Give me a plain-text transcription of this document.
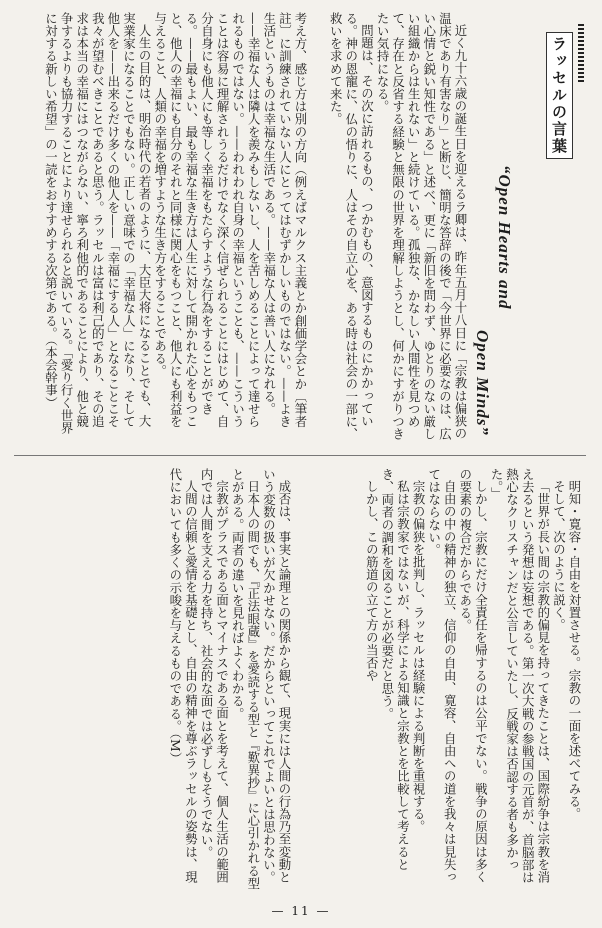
考え方、感じ方は別の方向（例えばマルクス主義とか創価学会とか〔筆者註〕に訓練されていない人にとってはむずかしいものではない。——よき生活というものは幸福な生活である。——幸福な人は善い人になれる。——幸福な人は隣人を羨みもしないし、人を苦しめることによって達せられるものではない。——われわれ自身の幸福ということも、——こういうことは容易に理解されうるだけでなく深く信ぜられることにはじめて、自分自身にも他人にも等しく幸福をもたらすような行為をすることができる。——最もよい、最も幸福な生き方は人生に対して開かれた心をもつこと、他人の幸福にも自分のそれと同様に関心をもつこと、他人にも利益を与えること、人類の幸福を増すような生き方をすることである。

人生の目的は、明治時代の若者のように、大臣大将になることでも、大実業家になることでもない。正しい意味での「幸福な人」になり、そして他人を——出来るだけ多くの他人を——「幸福にする人」となることこそ我々が望むべきことであると思う。ラッセルは富は利己的であり、その追求は本当の幸福にはつながらない、寧ろ利他的であることにより、他と競争するよりも協力することにより達せられると説いている。「愛り行く世界に対する新しい希望」の一読をおすすめする次第である。（本会幹事）	ラッセルの言葉
“Open Hearts and
Open Minds”

近く九十六歳の誕生日を迎えるラ卿は、昨年五月十八日に「宗教は偏狭の温床であり有害なり」と断じ、簡明な答辞の後で「今世界に必要なのは、広い心情と鋭い知性である」と述べ、更に「新旧を問わず、ゆとりのない厳しい組織からは生れない」と続けている。孤独な、かなしい人間性を見つめて、存在と反省する経験と無限の世界を理解しようとし、何かにすがりつきたい気持になる。

問題は、その次に訪れるもの、つかむもの、意図するものにかかっている。神の恩寵に、仏の悟りに、人はその自立心を、ある時は社会の一部に、救いを求めて来た。

成否は、事実と論理との関係から観て、現実には人間の行為乃至変動という変数の扱いが欠かせない。だからといってこれでよいとは思わない。

日本人の間でも、『正法眼蔵』を愛読する型と『歎異抄』に心引かれる型とがある。両者の違いを見ればよくわかる。

宗教がプラスである面とマイナスである面とを考えて、個人生活の範囲内では人間を支える力を持ち、社会的な面では必ずしもそうでない。

人間の信頼と愛情を基礎とし、自由の精神を尊ぶラッセルの姿勢は、現代においても多くの示唆を与えるものである。（M）	明知・寛容・自由を対置させる。宗教の一面を述べてみる。

そして、次のように説く。

「世界が長い間の宗教的偏見を持ってきたことは、国際紛争は宗教を消え去るという発想は妄想である。第一次大戦の参戦国の元首が、首脳部は熱心なクリスチャンだと公言していたし、反戦家は否認する者も多かった。」

しかし、宗教にだけ全責任を帰するのは公平でない。戦争の原因は多くの要素の複合だからである。

自由の中の精神の独立、信仰の自由、寛容、自由への道を我々は見失ってはならない。

宗教の偏狭を批判し、ラッセルは経験による判断を重視する。

私は宗教家ではないが、科学による知識と宗教とを比較して考えるとき、両者の調和を図ることが必要だと思う。

しかし、この筋道の立て方の当否や

— 11 —
